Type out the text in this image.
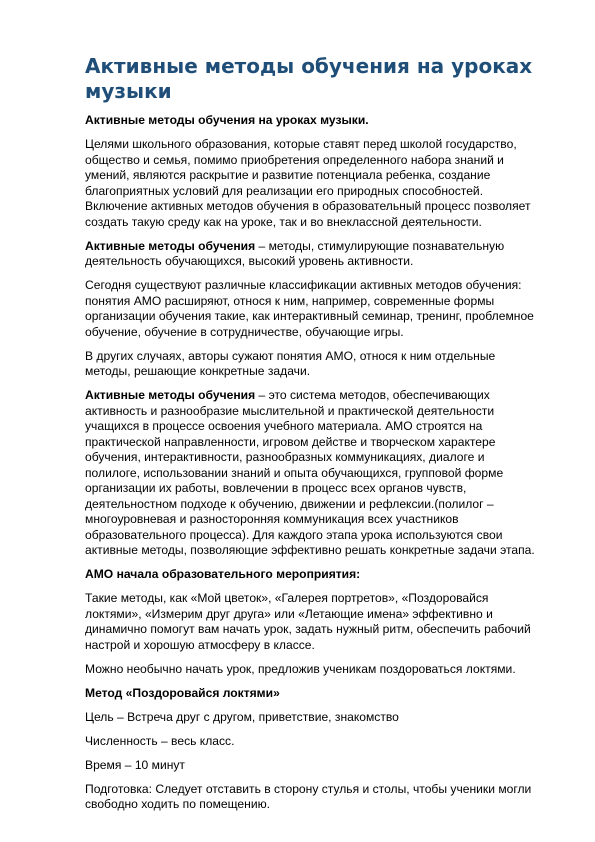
Активные методы обучения на уроках музыки

Активные методы обучения на уроках музыки.

Целями школьного образования, которые ставят перед школой государство, общество и семья, помимо приобретения определенного набора знаний и умений, являются раскрытие и развитие потенциала ребенка, создание благоприятных условий для реализации его природных способностей. Включение активных методов обучения в образовательный процесс позволяет создать такую среду как на уроке, так и во внеклассной деятельности.

Активные методы обучения – методы, стимулирующие познавательную деятельность обучающихся, высокий уровень активности.

Сегодня существуют различные классификации активных методов обучения: понятия АМО расширяют, относя к ним, например, современные формы организации обучения такие, как интерактивный семинар, тренинг, проблемное обучение, обучение в сотрудничестве, обучающие игры.

В других случаях, авторы сужают понятия АМО, относя к ним отдельные методы, решающие конкретные задачи.

Активные методы обучения – это система методов, обеспечивающих активность и разнообразие мыслительной и практической деятельности учащихся в процессе освоения учебного материала. АМО строятся на практической направленности, игровом действе и творческом характере обучения, интерактивности, разнообразных коммуникациях, диалоге и полилоге, использовании знаний и опыта обучающихся, групповой форме организации их работы, вовлечении в процесс всех органов чувств, деятельностном подходе к обучению, движении и рефлексии.(полилог – многоуровневая и разносторонняя коммуникация всех участников образовательного процесса). Для каждого этапа урока используются свои активные методы, позволяющие эффективно решать конкретные задачи этапа.

АМО начала образовательного мероприятия:

Такие методы, как «Мой цветок», «Галерея портретов», «Поздоровайся локтями», «Измерим друг друга» или «Летающие имена» эффективно и динамично помогут вам начать урок, задать нужный ритм, обеспечить рабочий настрой и хорошую атмосферу в классе.

Можно необычно начать урок, предложив ученикам поздороваться локтями.

Метод «Поздоровайся локтями»

Цель – Встреча друг с другом, приветствие, знакомство

Численность – весь класс.

Время – 10 минут

Подготовка: Следует отставить в сторону стулья и столы, чтобы ученики могли свободно ходить по помещению.
